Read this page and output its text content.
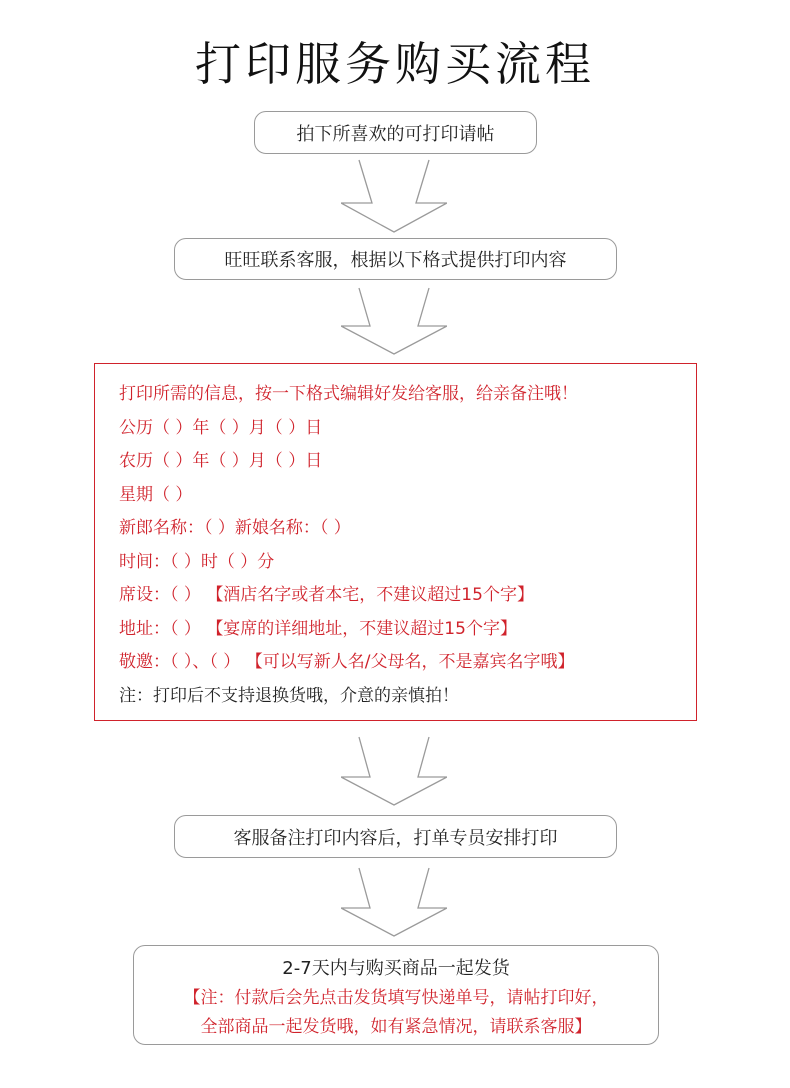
打印服务购买流程
拍下所喜欢的可打印请帖
旺旺联系客服，根据以下格式提供打印内容
打印所需的信息，按一下格式编辑好发给客服，给亲备注哦！
公历（ ）年（ ）月（ ）日
农历（ ）年（ ）月（ ）日
星期（ ）
新郎名称：（ ）新娘名称：（ ）
时间：（ ）时（ ）分
席设：（ ） 【酒店名字或者本宅，不建议超过15个字】
地址：（ ） 【宴席的详细地址，不建议超过15个字】
敬邀：（ ）、（ ） 【可以写新人名/父母名，不是嘉宾名字哦】
注：打印后不支持退换货哦，介意的亲慎拍！
客服备注打印内容后，打单专员安排打印
2-7天内与购买商品一起发货
【注：付款后会先点击发货填写快递单号，请帖打印好，
全部商品一起发货哦，如有紧急情况，请联系客服】
